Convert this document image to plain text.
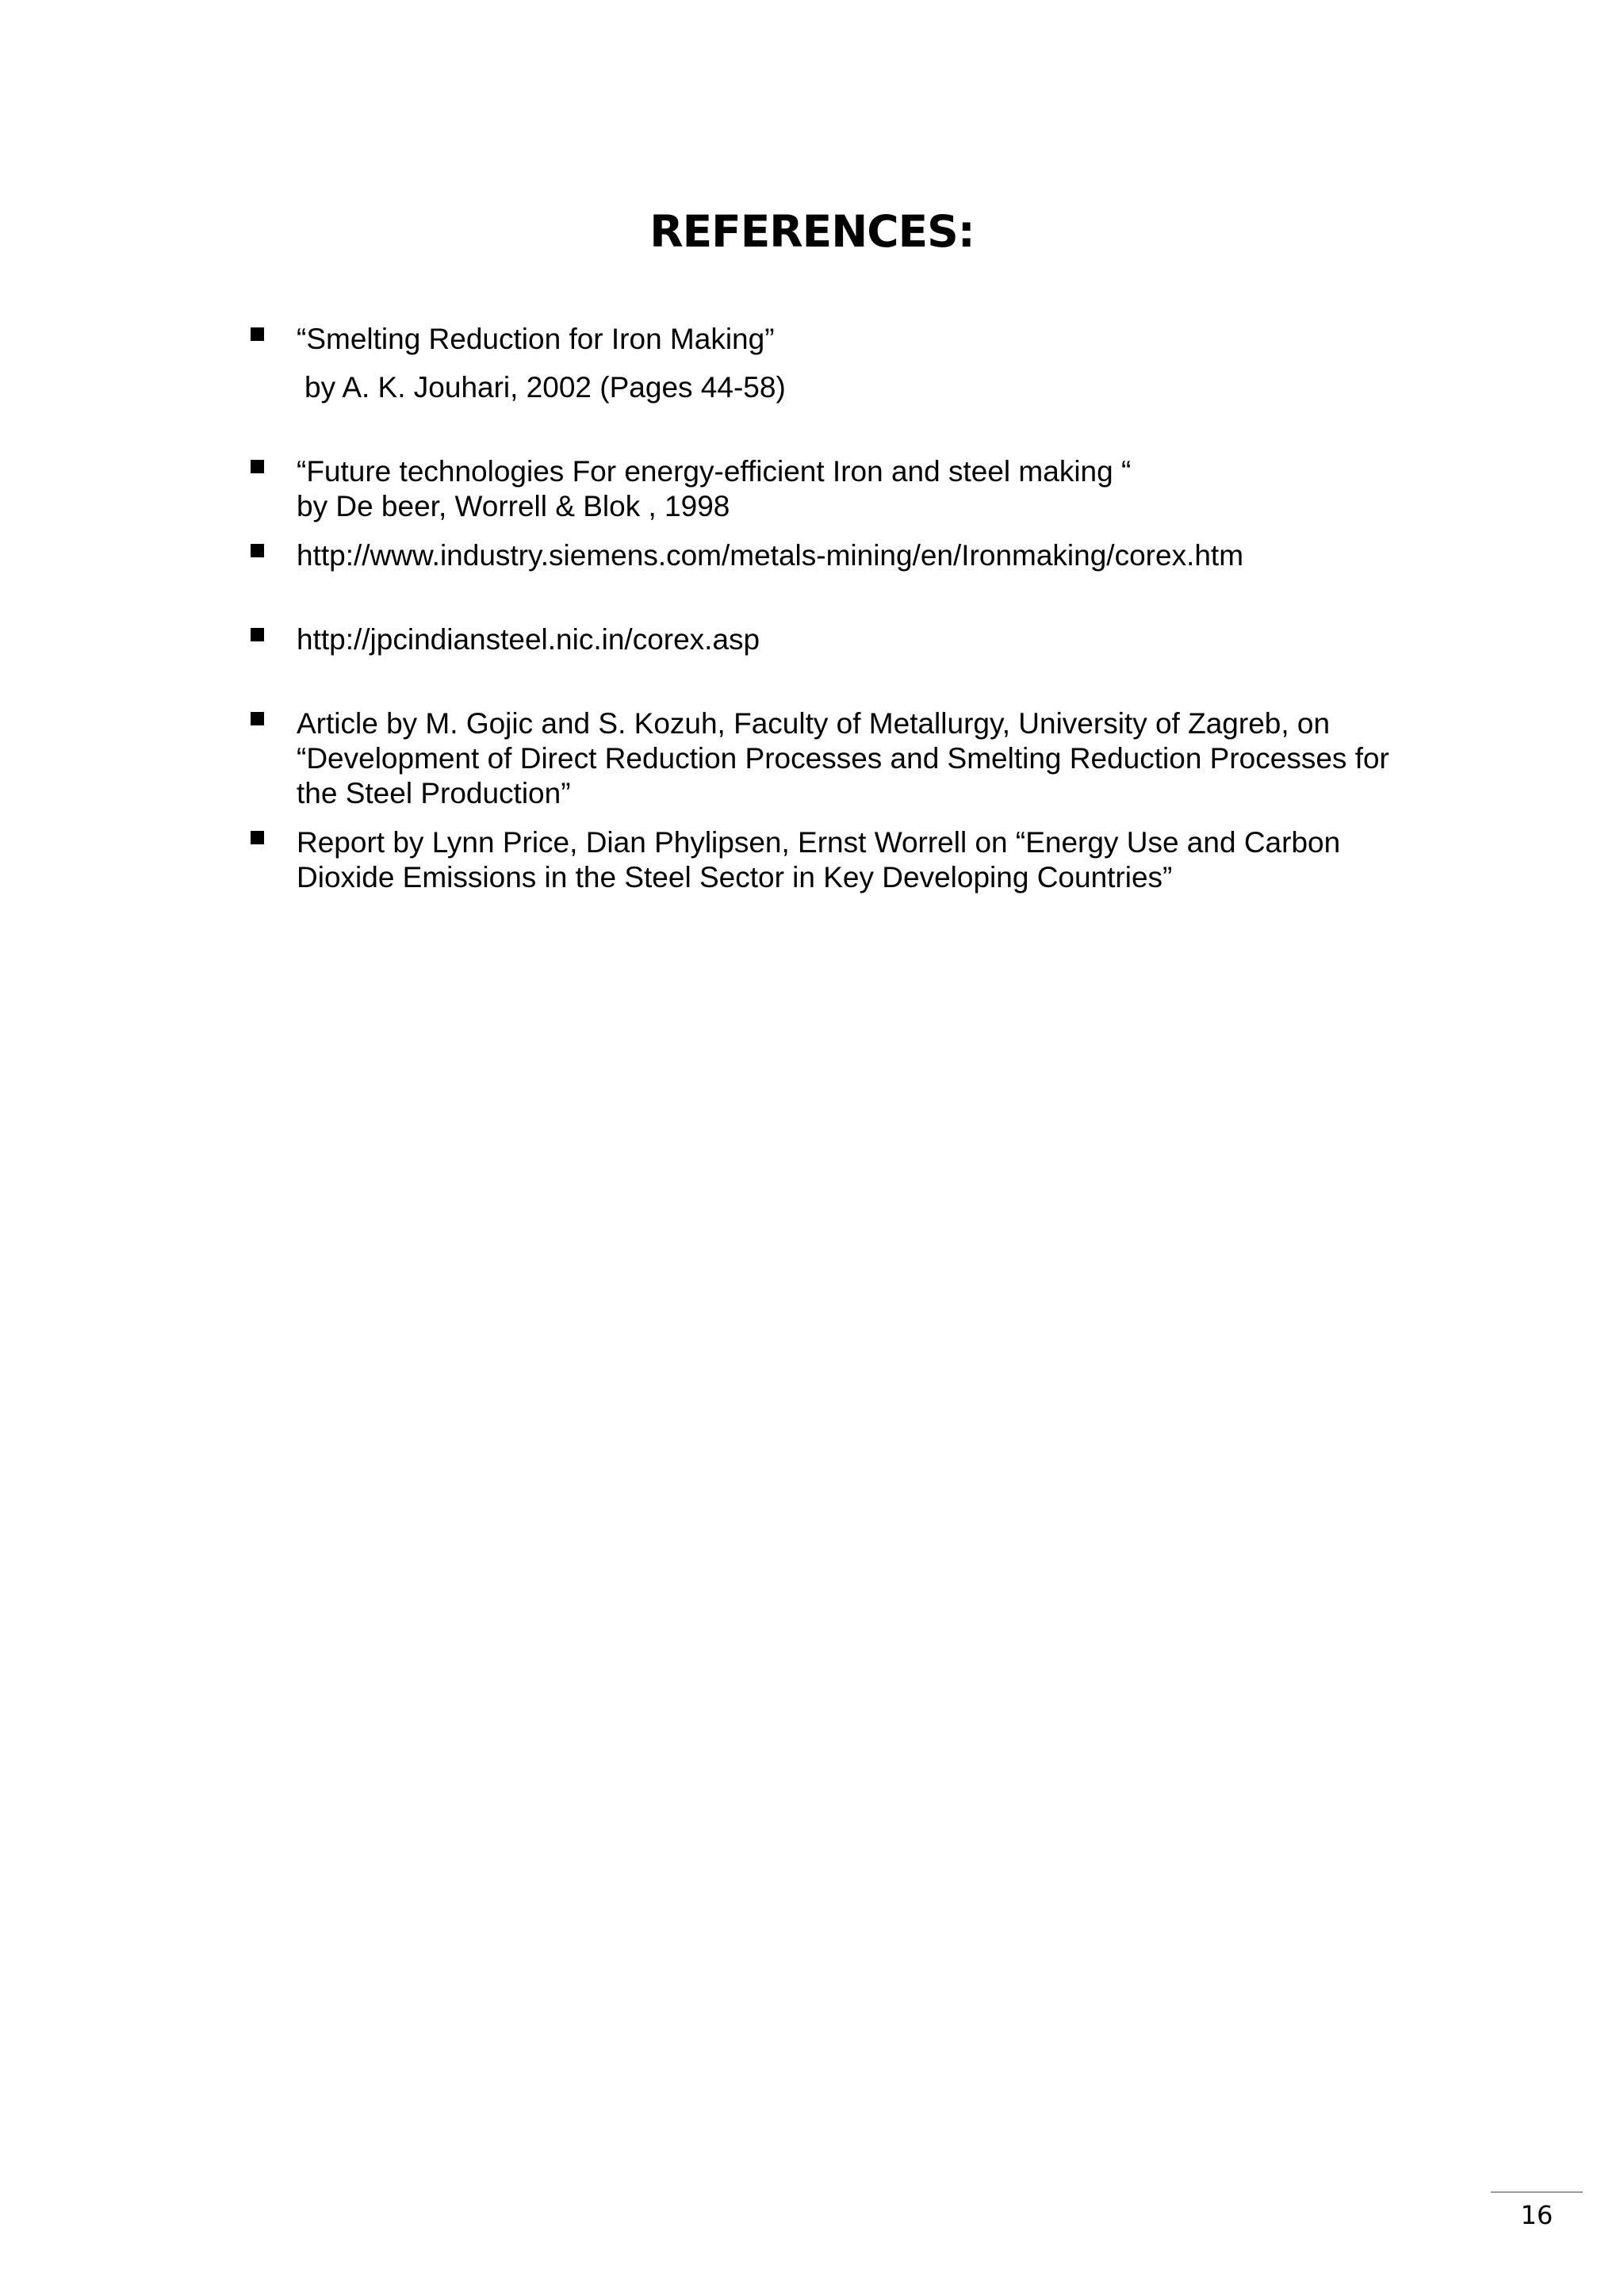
REFERENCES:
“Smelting Reduction for Iron Making”
by A. K. Jouhari, 2002 (Pages 44-58)
“Future technologies For energy-efficient Iron and steel making “
by De beer, Worrell & Blok , 1998
http://www.industry.siemens.com/metals-mining/en/Ironmaking/corex.htm
http://jpcindiansteel.nic.in/corex.asp
Article by M. Gojic and S. Kozuh, Faculty of Metallurgy, University of Zagreb, on
“Development of Direct Reduction Processes and Smelting Reduction Processes for
the Steel Production”
Report by Lynn Price, Dian Phylipsen, Ernst Worrell on “Energy Use and Carbon
Dioxide Emissions in the Steel Sector in Key Developing Countries”
16
